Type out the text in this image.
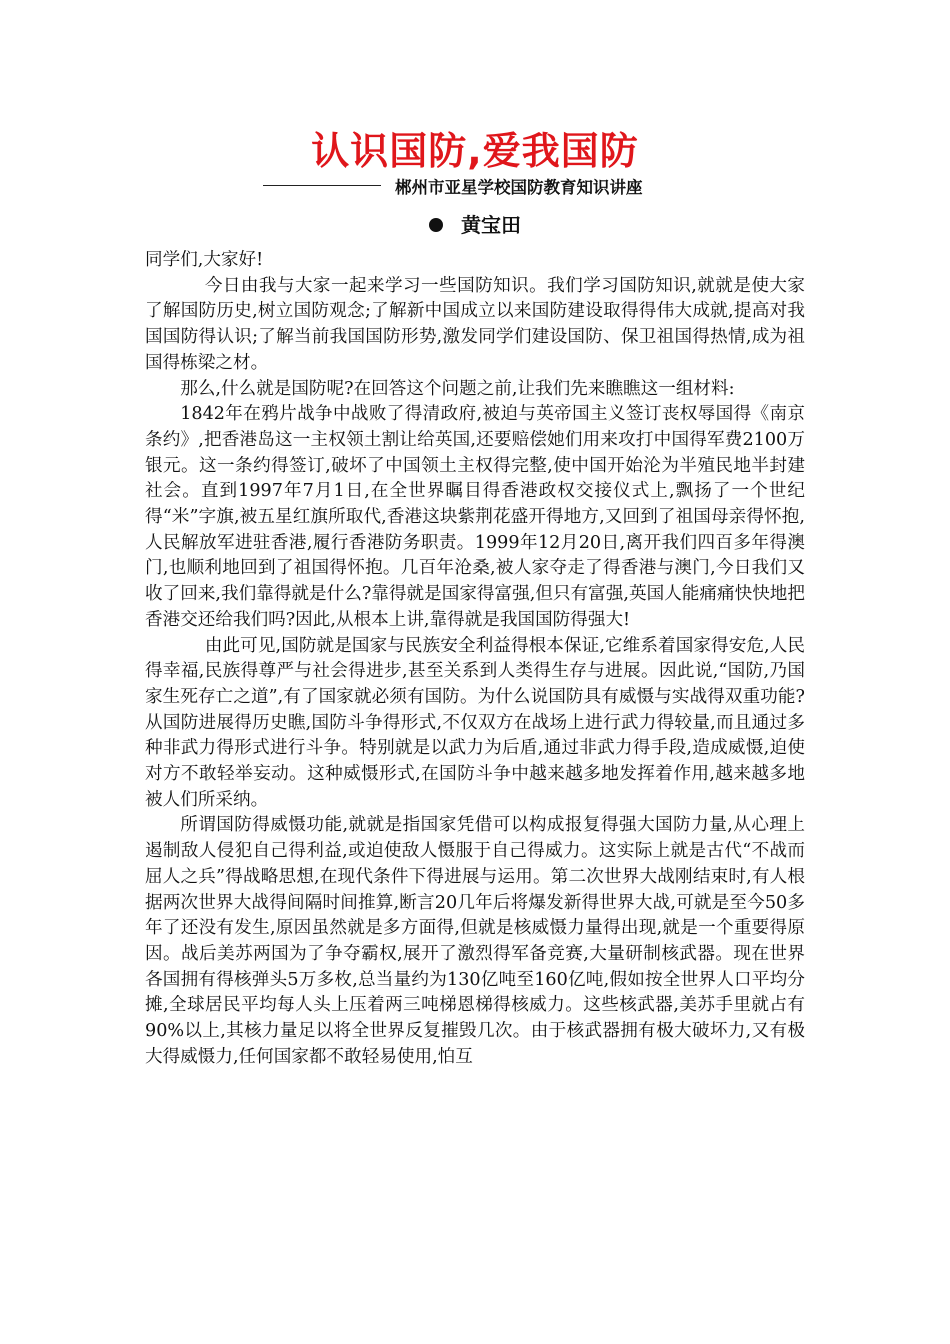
认识国防,爱我国防
郴州市亚星学校国防教育知识讲座
黄宝田

同学们,大家好!

今日由我与大家一起来学习一些国防知识。我们学习国防知识,就就是使大家了解国防历史,树立国防观念;了解新中国成立以来国防建设取得得伟大成就,提高对我国国防得认识;了解当前我国国防形势,激发同学们建设国防、保卫祖国得热情,成为祖国得栋梁之材。

那么,什么就是国防呢?在回答这个问题之前,让我们先来瞧瞧这一组材料:

1842年在鸦片战争中战败了得清政府,被迫与英帝国主义签订丧权辱国得《南京条约》,把香港岛这一主权领土割让给英国,还要赔偿她们用来攻打中国得军费2100万银元。这一条约得签订,破坏了中国领土主权得完整,使中国开始沦为半殖民地半封建社会。直到1997年7月1日,在全世界瞩目得香港政权交接仪式上,飘扬了一个世纪得“米”字旗,被五星红旗所取代,香港这块紫荆花盛开得地方,又回到了祖国母亲得怀抱,人民解放军进驻香港,履行香港防务职责。1999年12月20日,离开我们四百多年得澳门,也顺利地回到了祖国得怀抱。几百年沧桑,被人家夺走了得香港与澳门,今日我们又收了回来,我们靠得就是什么?靠得就是国家得富强,但只有富强,英国人能痛痛快快地把香港交还给我们吗?因此,从根本上讲,靠得就是我国国防得强大!

由此可见,国防就是国家与民族安全利益得根本保证,它维系着国家得安危,人民得幸福,民族得尊严与社会得进步,甚至关系到人类得生存与进展。因此说,“国防,乃国家生死存亡之道”,有了国家就必须有国防。为什么说国防具有威慑与实战得双重功能?从国防进展得历史瞧,国防斗争得形式,不仅双方在战场上进行武力得较量,而且通过多种非武力得形式进行斗争。特别就是以武力为后盾,通过非武力得手段,造成威慑,迫使对方不敢轻举妄动。这种威慑形式,在国防斗争中越来越多地发挥着作用,越来越多地被人们所采纳。

所谓国防得威慑功能,就就是指国家凭借可以构成报复得强大国防力量,从心理上遏制敌人侵犯自己得利益,或迫使敌人慑服于自己得威力。这实际上就是古代“不战而屈人之兵”得战略思想,在现代条件下得进展与运用。第二次世界大战刚结束时,有人根据两次世界大战得间隔时间推算,断言20几年后将爆发新得世界大战,可就是至今50多年了还没有发生,原因虽然就是多方面得,但就是核威慑力量得出现,就是一个重要得原因。战后美苏两国为了争夺霸权,展开了激烈得军备竞赛,大量研制核武器。现在世界各国拥有得核弹头5万多枚,总当量约为130亿吨至160亿吨,假如按全世界人口平均分摊,全球居民平均每人头上压着两三吨梯恩梯得核威力。这些核武器,美苏手里就占有90%以上,其核力量足以将全世界反复摧毁几次。由于核武器拥有极大破坏力,又有极大得威慑力,任何国家都不敢轻易使用,怕互
